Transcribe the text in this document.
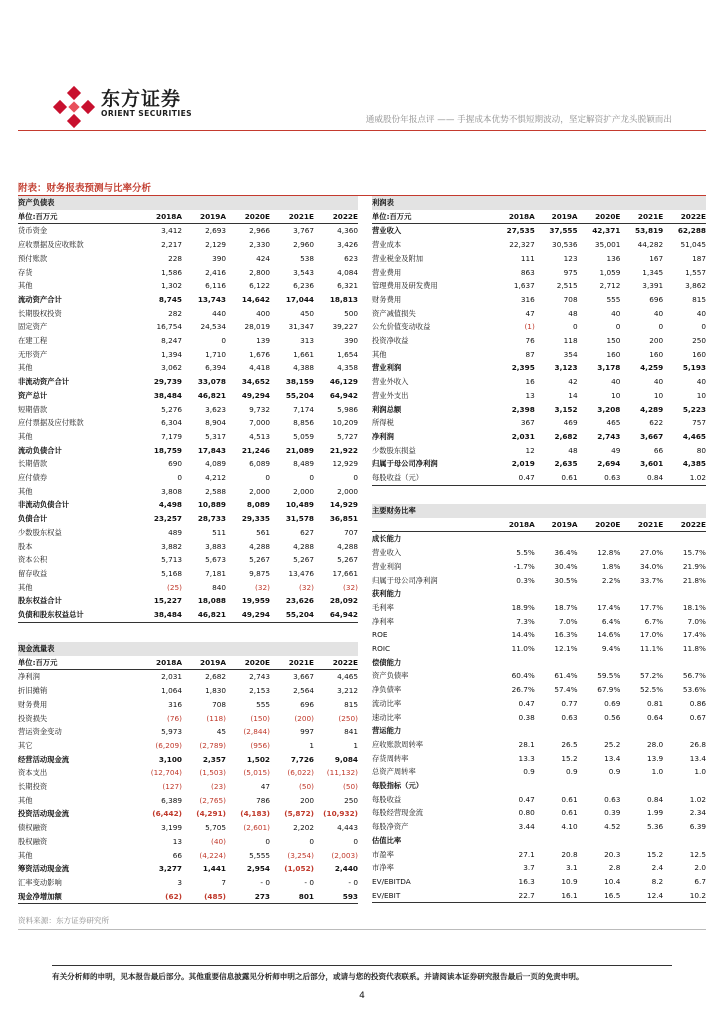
东方证券
ORIENT SECURITIES
通威股份年报点评 —— 手握成本优势不惧短期波动，坚定解资扩产龙头脱颖而出
附表：财务报表预测与比率分析
资产负债表					
单位:百万元	2018A	2019A	2020E	2021E	2022E
货币资金	3,412	2,693	2,966	3,767	4,360
应收票据及应收账款	2,217	2,129	2,330	2,960	3,426
预付账款	228	390	424	538	623
存货	1,586	2,416	2,800	3,543	4,084
其他	1,302	6,116	6,122	6,236	6,321
流动资产合计	8,745	13,743	14,642	17,044	18,813
长期股权投资	282	440	400	450	500
固定资产	16,754	24,534	28,019	31,347	39,227
在建工程	8,247	0	139	313	390
无形资产	1,394	1,710	1,676	1,661	1,654
其他	3,062	6,394	4,418	4,388	4,358
非流动资产合计	29,739	33,078	34,652	38,159	46,129
资产总计	38,484	46,821	49,294	55,204	64,942
短期借款	5,276	3,623	9,732	7,174	5,986
应付票据及应付账款	6,304	8,904	7,000	8,856	10,209
其他	7,179	5,317	4,513	5,059	5,727
流动负债合计	18,759	17,843	21,246	21,089	21,922
长期借款	690	4,089	6,089	8,489	12,929
应付债券	0	4,212	0	0	0
其他	3,808	2,588	2,000	2,000	2,000
非流动负债合计	4,498	10,889	8,089	10,489	14,929
负债合计	23,257	28,733	29,335	31,578	36,851
少数股东权益	489	511	561	627	707
股本	3,882	3,883	4,288	4,288	4,288
资本公积	5,713	5,673	5,267	5,267	5,267
留存收益	5,168	7,181	9,875	13,476	17,661
其他	(25)	840	(32)	(32)	(32)
股东权益合计	15,227	18,088	19,959	23,626	28,092
负债和股东权益总计	38,484	46,821	49,294	55,204	64,942
现金流量表					
单位:百万元	2018A	2019A	2020E	2021E	2022E
净利润	2,031	2,682	2,743	3,667	4,465
折旧摊销	1,064	1,830	2,153	2,564	3,212
财务费用	316	708	555	696	815
投资损失	(76)	(118)	(150)	(200)	(250)
营运资金变动	5,973	45	(2,844)	997	841
其它	(6,209)	(2,789)	(956)	1	1
经营活动现金流	3,100	2,357	1,502	7,726	9,084
资本支出	(12,704)	(1,503)	(5,015)	(6,022)	(11,132)
长期投资	(127)	(23)	47	(50)	(50)
其他	6,389	(2,765)	786	200	250
投资活动现金流	(6,442)	(4,291)	(4,183)	(5,872)	(10,932)
债权融资	3,199	5,705	(2,601)	2,202	4,443
股权融资	13	(40)	0	0	0
其他	66	(4,224)	5,555	(3,254)	(2,003)
筹资活动现金流	3,277	1,441	2,954	(1,052)	2,440
汇率变动影响	3	7	- 0	- 0	- 0
现金净增加额	(62)	(485)	273	801	593
利润表					
单位:百万元	2018A	2019A	2020E	2021E	2022E
营业收入	27,535	37,555	42,371	53,819	62,288
营业成本	22,327	30,536	35,001	44,282	51,045
营业税金及附加	111	123	136	167	187
营业费用	863	975	1,059	1,345	1,557
管理费用及研发费用	1,637	2,515	2,712	3,391	3,862
财务费用	316	708	555	696	815
资产减值损失	47	48	40	40	40
公允价值变动收益	(1)	0	0	0	0
投资净收益	76	118	150	200	250
其他	87	354	160	160	160
营业利润	2,395	3,123	3,178	4,259	5,193
营业外收入	16	42	40	40	40
营业外支出	13	14	10	10	10
利润总额	2,398	3,152	3,208	4,289	5,223
所得税	367	469	465	622	757
净利润	2,031	2,682	2,743	3,667	4,465
少数股东损益	12	48	49	66	80
归属于母公司净利润	2,019	2,635	2,694	3,601	4,385
每股收益（元）	0.47	0.61	0.63	0.84	1.02
主要财务比率					
	2018A	2019A	2020E	2021E	2022E
成长能力					
营业收入	5.5%	36.4%	12.8%	27.0%	15.7%
营业利润	-1.7%	30.4%	1.8%	34.0%	21.9%
归属于母公司净利润	0.3%	30.5%	2.2%	33.7%	21.8%
获利能力					
毛利率	18.9%	18.7%	17.4%	17.7%	18.1%
净利率	7.3%	7.0%	6.4%	6.7%	7.0%
ROE	14.4%	16.3%	14.6%	17.0%	17.4%
ROIC	11.0%	12.1%	9.4%	11.1%	11.8%
偿债能力					
资产负债率	60.4%	61.4%	59.5%	57.2%	56.7%
净负债率	26.7%	57.4%	67.9%	52.5%	53.6%
流动比率	0.47	0.77	0.69	0.81	0.86
速动比率	0.38	0.63	0.56	0.64	0.67
营运能力					
应收账款周转率	28.1	26.5	25.2	28.0	26.8
存货周转率	13.3	15.2	13.4	13.9	13.4
总资产周转率	0.9	0.9	0.9	1.0	1.0
每股指标（元）					
每股收益	0.47	0.61	0.63	0.84	1.02
每股经营现金流	0.80	0.61	0.39	1.99	2.34
每股净资产	3.44	4.10	4.52	5.36	6.39
估值比率					
市盈率	27.1	20.8	20.3	15.2	12.5
市净率	3.7	3.1	2.8	2.4	2.0
EV/EBITDA	16.3	10.9	10.4	8.2	6.7
EV/EBIT	22.7	16.1	16.5	12.4	10.2
资料来源：东方证券研究所
有关分析师的申明，见本报告最后部分。其他重要信息披露见分析师申明之后部分，或请与您的投资代表联系。并请阅读本证券研究报告最后一页的免责申明。
4
